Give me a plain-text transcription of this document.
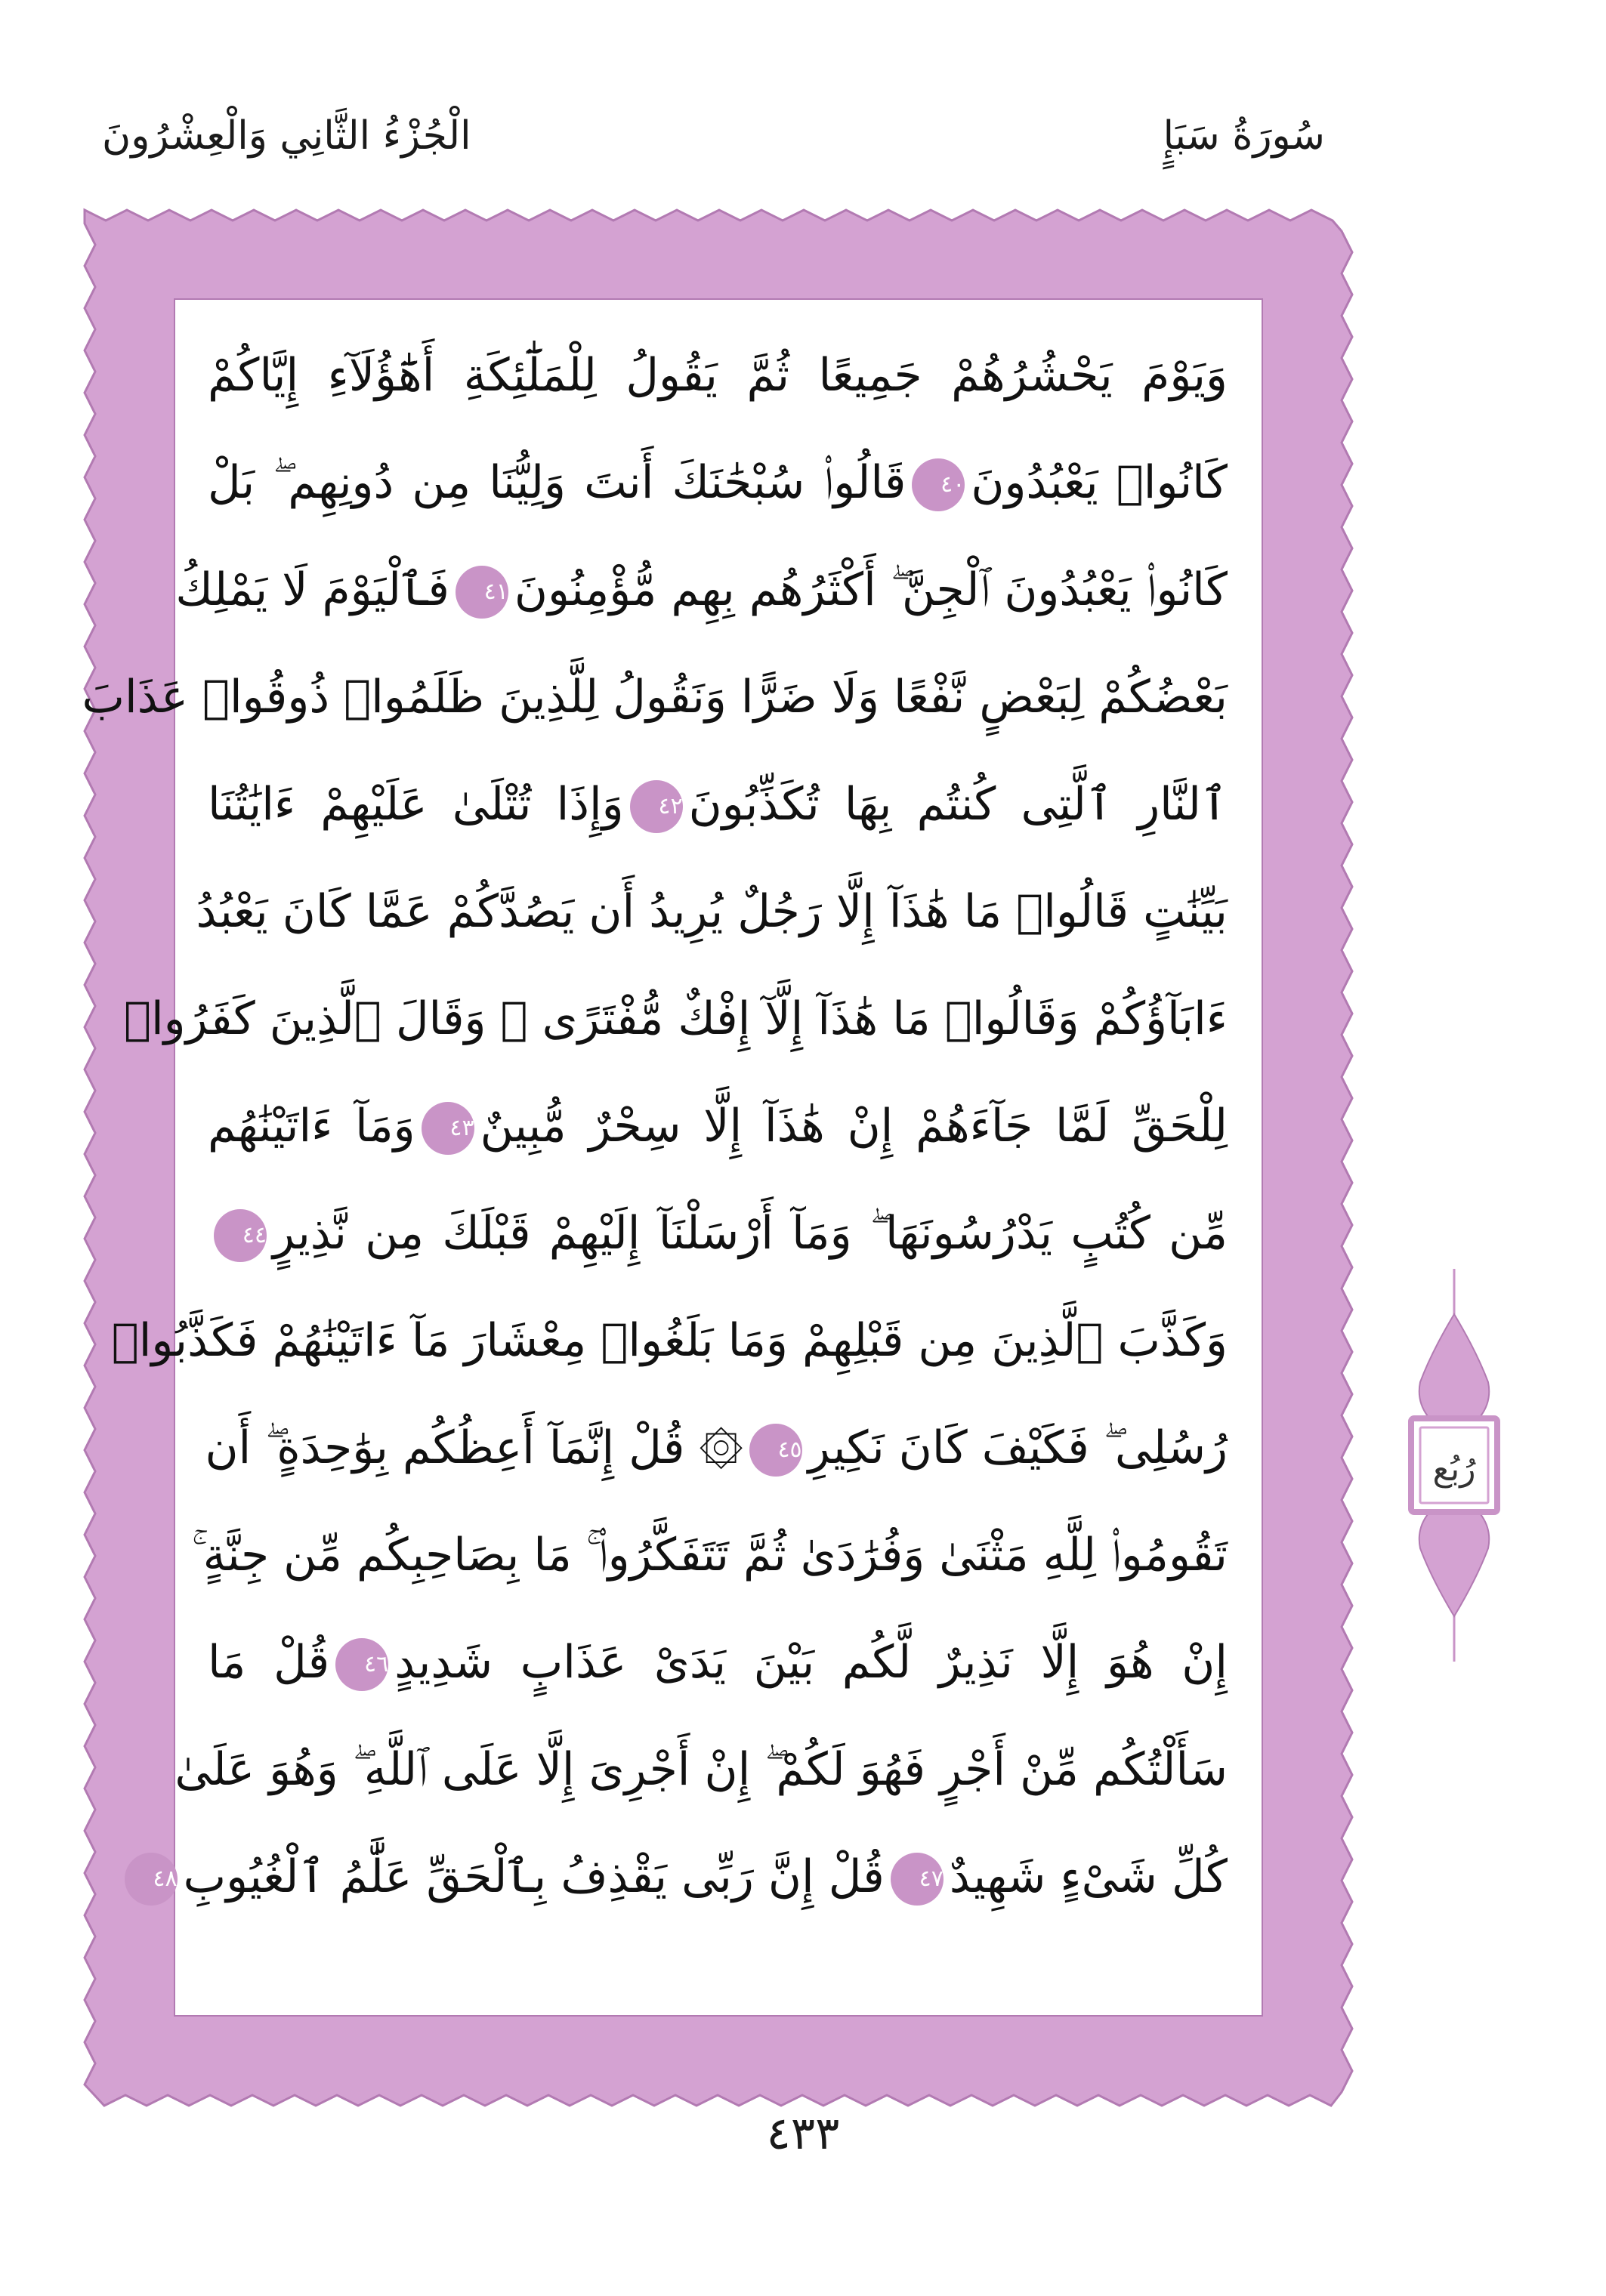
سُورَةُ سَبَإٍ
الْجُزْءُ الثَّانِي وَالْعِشْرُونَ
وَيَوْمَ يَحْشُرُهُمْ جَمِيعًا ثُمَّ يَقُولُ لِلْمَلَٰٓئِكَةِ أَهَٰٓؤُلَآءِ إِيَّاكُمْ
كَانُوا۟ يَعْبُدُونَ٤٠قَالُوا۟ سُبْحَٰنَكَ أَنتَ وَلِيُّنَا مِن دُونِهِم ۖ بَلْ
كَانُوا۟ يَعْبُدُونَ ٱلْجِنَّ ۖ أَكْثَرُهُم بِهِم مُّؤْمِنُونَ٤١فَٱلْيَوْمَ لَا يَمْلِكُ
بَعْضُكُمْ لِبَعْضٍ نَّفْعًا وَلَا ضَرًّا وَنَقُولُ لِلَّذِينَ ظَلَمُوا۟ ذُوقُوا۟ عَذَابَ
ٱلنَّارِ ٱلَّتِى كُنتُم بِهَا تُكَذِّبُونَ٤٢وَإِذَا تُتْلَىٰ عَلَيْهِمْ ءَايَٰتُنَا
بَيِّنَٰتٍ قَالُوا۟ مَا هَٰذَآ إِلَّا رَجُلٌ يُرِيدُ أَن يَصُدَّكُمْ عَمَّا كَانَ يَعْبُدُ
ءَابَآؤُكُمْ وَقَالُوا۟ مَا هَٰذَآ إِلَّآ إِفْكٌ مُّفْتَرًى ۚ وَقَالَ ٱلَّذِينَ كَفَرُوا۟
لِلْحَقِّ لَمَّا جَآءَهُمْ إِنْ هَٰذَآ إِلَّا سِحْرٌ مُّبِينٌ٤٣وَمَآ ءَاتَيْنَٰهُم
مِّن كُتُبٍ يَدْرُسُونَهَا ۖ وَمَآ أَرْسَلْنَآ إِلَيْهِمْ قَبْلَكَ مِن نَّذِيرٍ٤٤
وَكَذَّبَ ٱلَّذِينَ مِن قَبْلِهِمْ وَمَا بَلَغُوا۟ مِعْشَارَ مَآ ءَاتَيْنَٰهُمْ فَكَذَّبُوا۟
رُسُلِى ۖ فَكَيْفَ كَانَ نَكِيرِ٤٥۞ قُلْ إِنَّمَآ أَعِظُكُم بِوَٰحِدَةٍ ۖ أَن
تَقُومُوا۟ لِلَّهِ مَثْنَىٰ وَفُرَٰدَىٰ ثُمَّ تَتَفَكَّرُوا۟ ۚ مَا بِصَاحِبِكُم مِّن جِنَّةٍ ۚ
إِنْ هُوَ إِلَّا نَذِيرٌ لَّكُم بَيْنَ يَدَىْ عَذَابٍ شَدِيدٍ٤٦قُلْ مَا
سَأَلْتُكُم مِّنْ أَجْرٍ فَهُوَ لَكُمْ ۖ إِنْ أَجْرِىَ إِلَّا عَلَى ٱللَّهِ ۖ وَهُوَ عَلَىٰ
كُلِّ شَىْءٍ شَهِيدٌ٤٧قُلْ إِنَّ رَبِّى يَقْذِفُ بِٱلْحَقِّ عَلَّٰمُ ٱلْغُيُوبِ٤٨
رُبُع
٤٣٣
